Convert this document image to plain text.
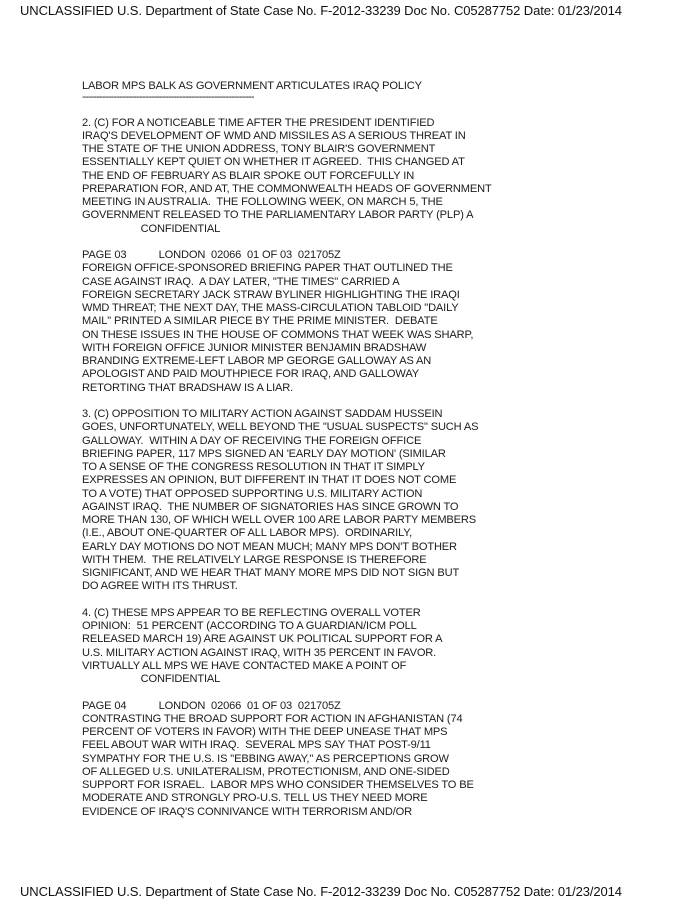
UNCLASSIFIED U.S. Department of State Case No. F-2012-33239 Doc No. C05287752 Date: 01/23/2014
LABOR MPS BALK AS GOVERNMENT ARTICULATES IRAQ POLICY
------------------------------------------------------------
2. (C) FOR A NOTICEABLE TIME AFTER THE PRESIDENT IDENTIFIED
IRAQ'S DEVELOPMENT OF WMD AND MISSILES AS A SERIOUS THREAT IN
THE STATE OF THE UNION ADDRESS, TONY BLAIR'S GOVERNMENT
ESSENTIALLY KEPT QUIET ON WHETHER IT AGREED.  THIS CHANGED AT
THE END OF FEBRUARY AS BLAIR SPOKE OUT FORCEFULLY IN
PREPARATION FOR, AND AT, THE COMMONWEALTH HEADS OF GOVERNMENT
MEETING IN AUSTRALIA.  THE FOLLOWING WEEK, ON MARCH 5, THE
GOVERNMENT RELEASED TO THE PARLIAMENTARY LABOR PARTY (PLP) A
CONFIDENTIAL
PAGE 03           LONDON  02066  01 OF 03  021705Z
FOREIGN OFFICE-SPONSORED BRIEFING PAPER THAT OUTLINED THE
CASE AGAINST IRAQ.  A DAY LATER, "THE TIMES" CARRIED A
FOREIGN SECRETARY JACK STRAW BYLINER HIGHLIGHTING THE IRAQI
WMD THREAT; THE NEXT DAY, THE MASS-CIRCULATION TABLOID "DAILY
MAIL" PRINTED A SIMILAR PIECE BY THE PRIME MINISTER.  DEBATE
ON THESE ISSUES IN THE HOUSE OF COMMONS THAT WEEK WAS SHARP,
WITH FOREIGN OFFICE JUNIOR MINISTER BENJAMIN BRADSHAW
BRANDING EXTREME-LEFT LABOR MP GEORGE GALLOWAY AS AN
APOLOGIST AND PAID MOUTHPIECE FOR IRAQ, AND GALLOWAY
RETORTING THAT BRADSHAW IS A LIAR.
3. (C) OPPOSITION TO MILITARY ACTION AGAINST SADDAM HUSSEIN
GOES, UNFORTUNATELY, WELL BEYOND THE "USUAL SUSPECTS" SUCH AS
GALLOWAY.  WITHIN A DAY OF RECEIVING THE FOREIGN OFFICE
BRIEFING PAPER, 117 MPS SIGNED AN 'EARLY DAY MOTION' (SIMILAR
TO A SENSE OF THE CONGRESS RESOLUTION IN THAT IT SIMPLY
EXPRESSES AN OPINION, BUT DIFFERENT IN THAT IT DOES NOT COME
TO A VOTE) THAT OPPOSED SUPPORTING U.S. MILITARY ACTION
AGAINST IRAQ.  THE NUMBER OF SIGNATORIES HAS SINCE GROWN TO
MORE THAN 130, OF WHICH WELL OVER 100 ARE LABOR PARTY MEMBERS
(I.E., ABOUT ONE-QUARTER OF ALL LABOR MPS).  ORDINARILY,
EARLY DAY MOTIONS DO NOT MEAN MUCH; MANY MPS DON'T BOTHER
WITH THEM.  THE RELATIVELY LARGE RESPONSE IS THEREFORE
SIGNIFICANT, AND WE HEAR THAT MANY MORE MPS DID NOT SIGN BUT
DO AGREE WITH ITS THRUST.
4. (C) THESE MPS APPEAR TO BE REFLECTING OVERALL VOTER
OPINION:  51 PERCENT (ACCORDING TO A GUARDIAN/ICM POLL
RELEASED MARCH 19) ARE AGAINST UK POLITICAL SUPPORT FOR A
U.S. MILITARY ACTION AGAINST IRAQ, WITH 35 PERCENT IN FAVOR.
VIRTUALLY ALL MPS WE HAVE CONTACTED MAKE A POINT OF
CONFIDENTIAL
PAGE 04           LONDON  02066  01 OF 03  021705Z
CONTRASTING THE BROAD SUPPORT FOR ACTION IN AFGHANISTAN (74
PERCENT OF VOTERS IN FAVOR) WITH THE DEEP UNEASE THAT MPS
FEEL ABOUT WAR WITH IRAQ.  SEVERAL MPS SAY THAT POST-9/11
SYMPATHY FOR THE U.S. IS "EBBING AWAY," AS PERCEPTIONS GROW
OF ALLEGED U.S. UNILATERALISM, PROTECTIONISM, AND ONE-SIDED
SUPPORT FOR ISRAEL.  LABOR MPS WHO CONSIDER THEMSELVES TO BE
MODERATE AND STRONGLY PRO-U.S. TELL US THEY NEED MORE
EVIDENCE OF IRAQ'S CONNIVANCE WITH TERRORISM AND/OR
UNCLASSIFIED U.S. Department of State Case No. F-2012-33239 Doc No. C05287752 Date: 01/23/2014
